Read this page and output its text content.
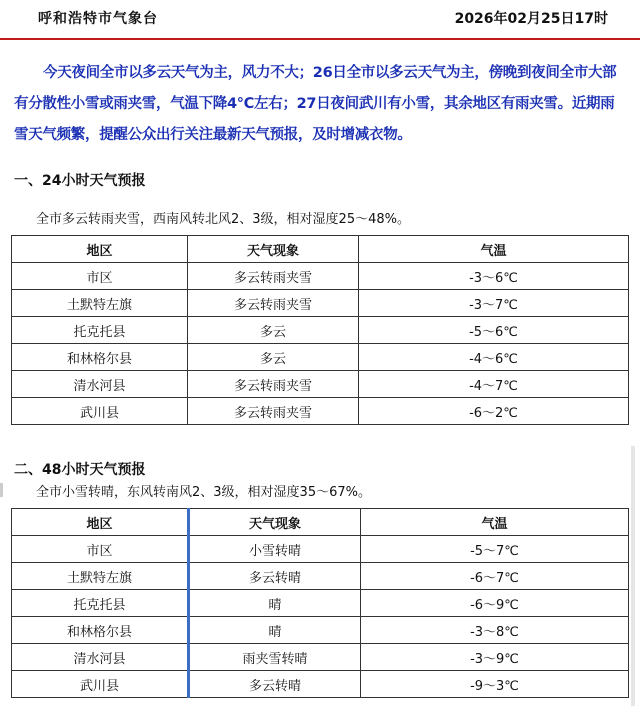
呼和浩特市气象台	2026年02月25日17时
今天夜间全市以多云天气为主，风力不大；26日全市以多云天气为主，傍晚到夜间全市大部有分散性小雪或雨夹雪，气温下降4℃左右；27日夜间武川有小雪，其余地区有雨夹雪。近期雨雪天气频繁，提醒公众出行关注最新天气预报，及时增减衣物。
一、24小时天气预报
全市多云转雨夹雪，西南风转北风2、3级，相对湿度25～48%。
地区	天气现象	气温
市区	多云转雨夹雪	-3～6℃
土默特左旗	多云转雨夹雪	-3～7℃
托克托县	多云	-5～6℃
和林格尔县	多云	-4～6℃
清水河县	多云转雨夹雪	-4～7℃
武川县	多云转雨夹雪	-6～2℃
二、48小时天气预报
全市小雪转晴，东风转南风2、3级，相对湿度35～67%。
地区	天气现象	气温
市区	小雪转晴	-5～7℃
土默特左旗	多云转晴	-6～7℃
托克托县	晴	-6～9℃
和林格尔县	晴	-3～8℃
清水河县	雨夹雪转晴	-3～9℃
武川县	多云转晴	-9～3℃
